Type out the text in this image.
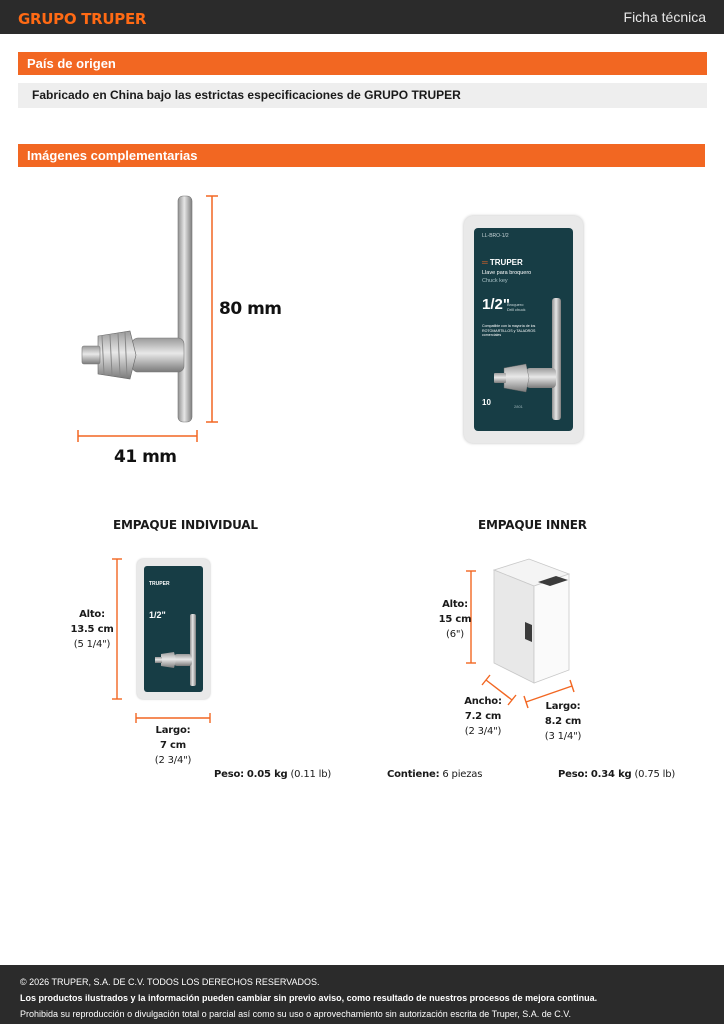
GRUPO TRUPER	Ficha técnica
País de origen
Fabricado en China bajo las estrictas especificaciones de GRUPO TRUPER
Imágenes complementarias
80 mm
41 mm
LL-BRO-1/2
═ TRUPER
Llave para broquero
Chuck key
1/2"
Broquero
Drill chuck
Compatible con la mayoría de los ROTOMARTILLOS y TALADROS comerciales
10	2801
EMPAQUE INDIVIDUAL
TRUPER
1/2"
Alto:
13.5 cm
(5 1/4")
Largo:
7 cm
(2 3/4")
Peso: 0.05 kg (0.11 lb)
EMPAQUE INNER
Alto:
15 cm
(6")
Ancho:
7.2 cm
(2 3/4")
Largo:
8.2 cm
(3 1/4")
Contiene: 6 piezas	Peso: 0.34 kg (0.75 lb)
© 2026 TRUPER, S.A. DE C.V. TODOS LOS DERECHOS RESERVADOS.
Los productos ilustrados y la información pueden cambiar sin previo aviso, como resultado de nuestros procesos de mejora continua.
Prohibida su reproducción o divulgación total o parcial así como su uso o aprovechamiento sin autorización escrita de Truper, S.A. de C.V.
